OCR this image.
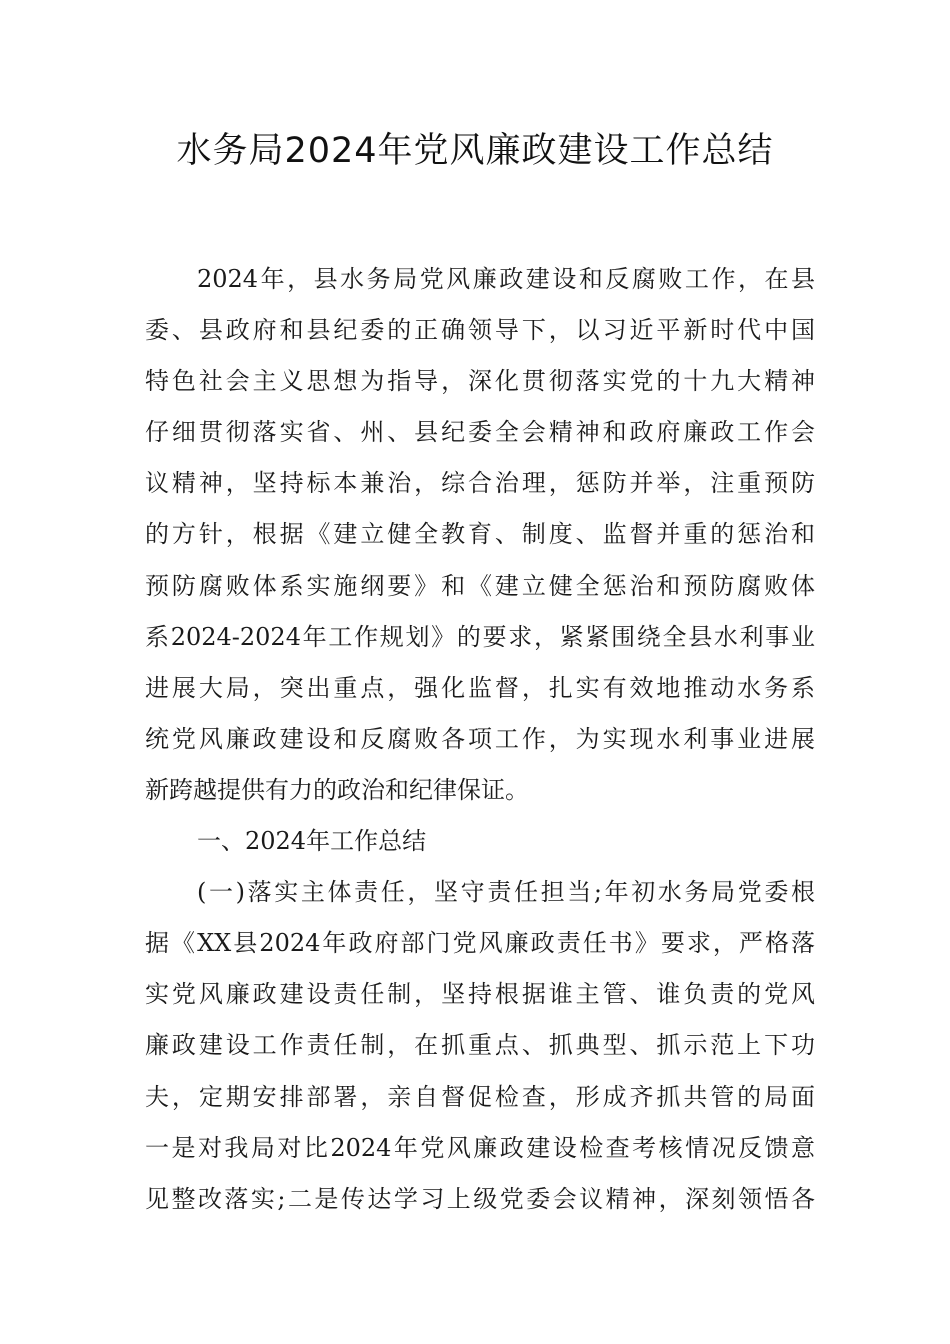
水务局2024年党风廉政建设工作总结
2024年，县水务局党风廉政建设和反腐败工作，在县
委、县政府和县纪委的正确领导下，以习近平新时代中国
特色社会主义思想为指导，深化贯彻落实党的十九大精神
仔细贯彻落实省、州、县纪委全会精神和政府廉政工作会
议精神，坚持标本兼治，综合治理，惩防并举，注重预防
的方针，根据《建立健全教育、制度、监督并重的惩治和
预防腐败体系实施纲要》和《建立健全惩治和预防腐败体
系2024-2024年工作规划》的要求，紧紧围绕全县水利事业
进展大局，突出重点，强化监督，扎实有效地推动水务系
统党风廉政建设和反腐败各项工作，为实现水利事业进展
新跨越提供有力的政治和纪律保证。
一、2024年工作总结
(一)落实主体责任，坚守责任担当;年初水务局党委根
据《XX县2024年政府部门党风廉政责任书》要求，严格落
实党风廉政建设责任制，坚持根据谁主管、谁负责的党风
廉政建设工作责任制，在抓重点、抓典型、抓示范上下功
夫，定期安排部署，亲自督促检查，形成齐抓共管的局面
一是对我局对比2024年党风廉政建设检查考核情况反馈意
见整改落实;二是传达学习上级党委会议精神，深刻领悟各
